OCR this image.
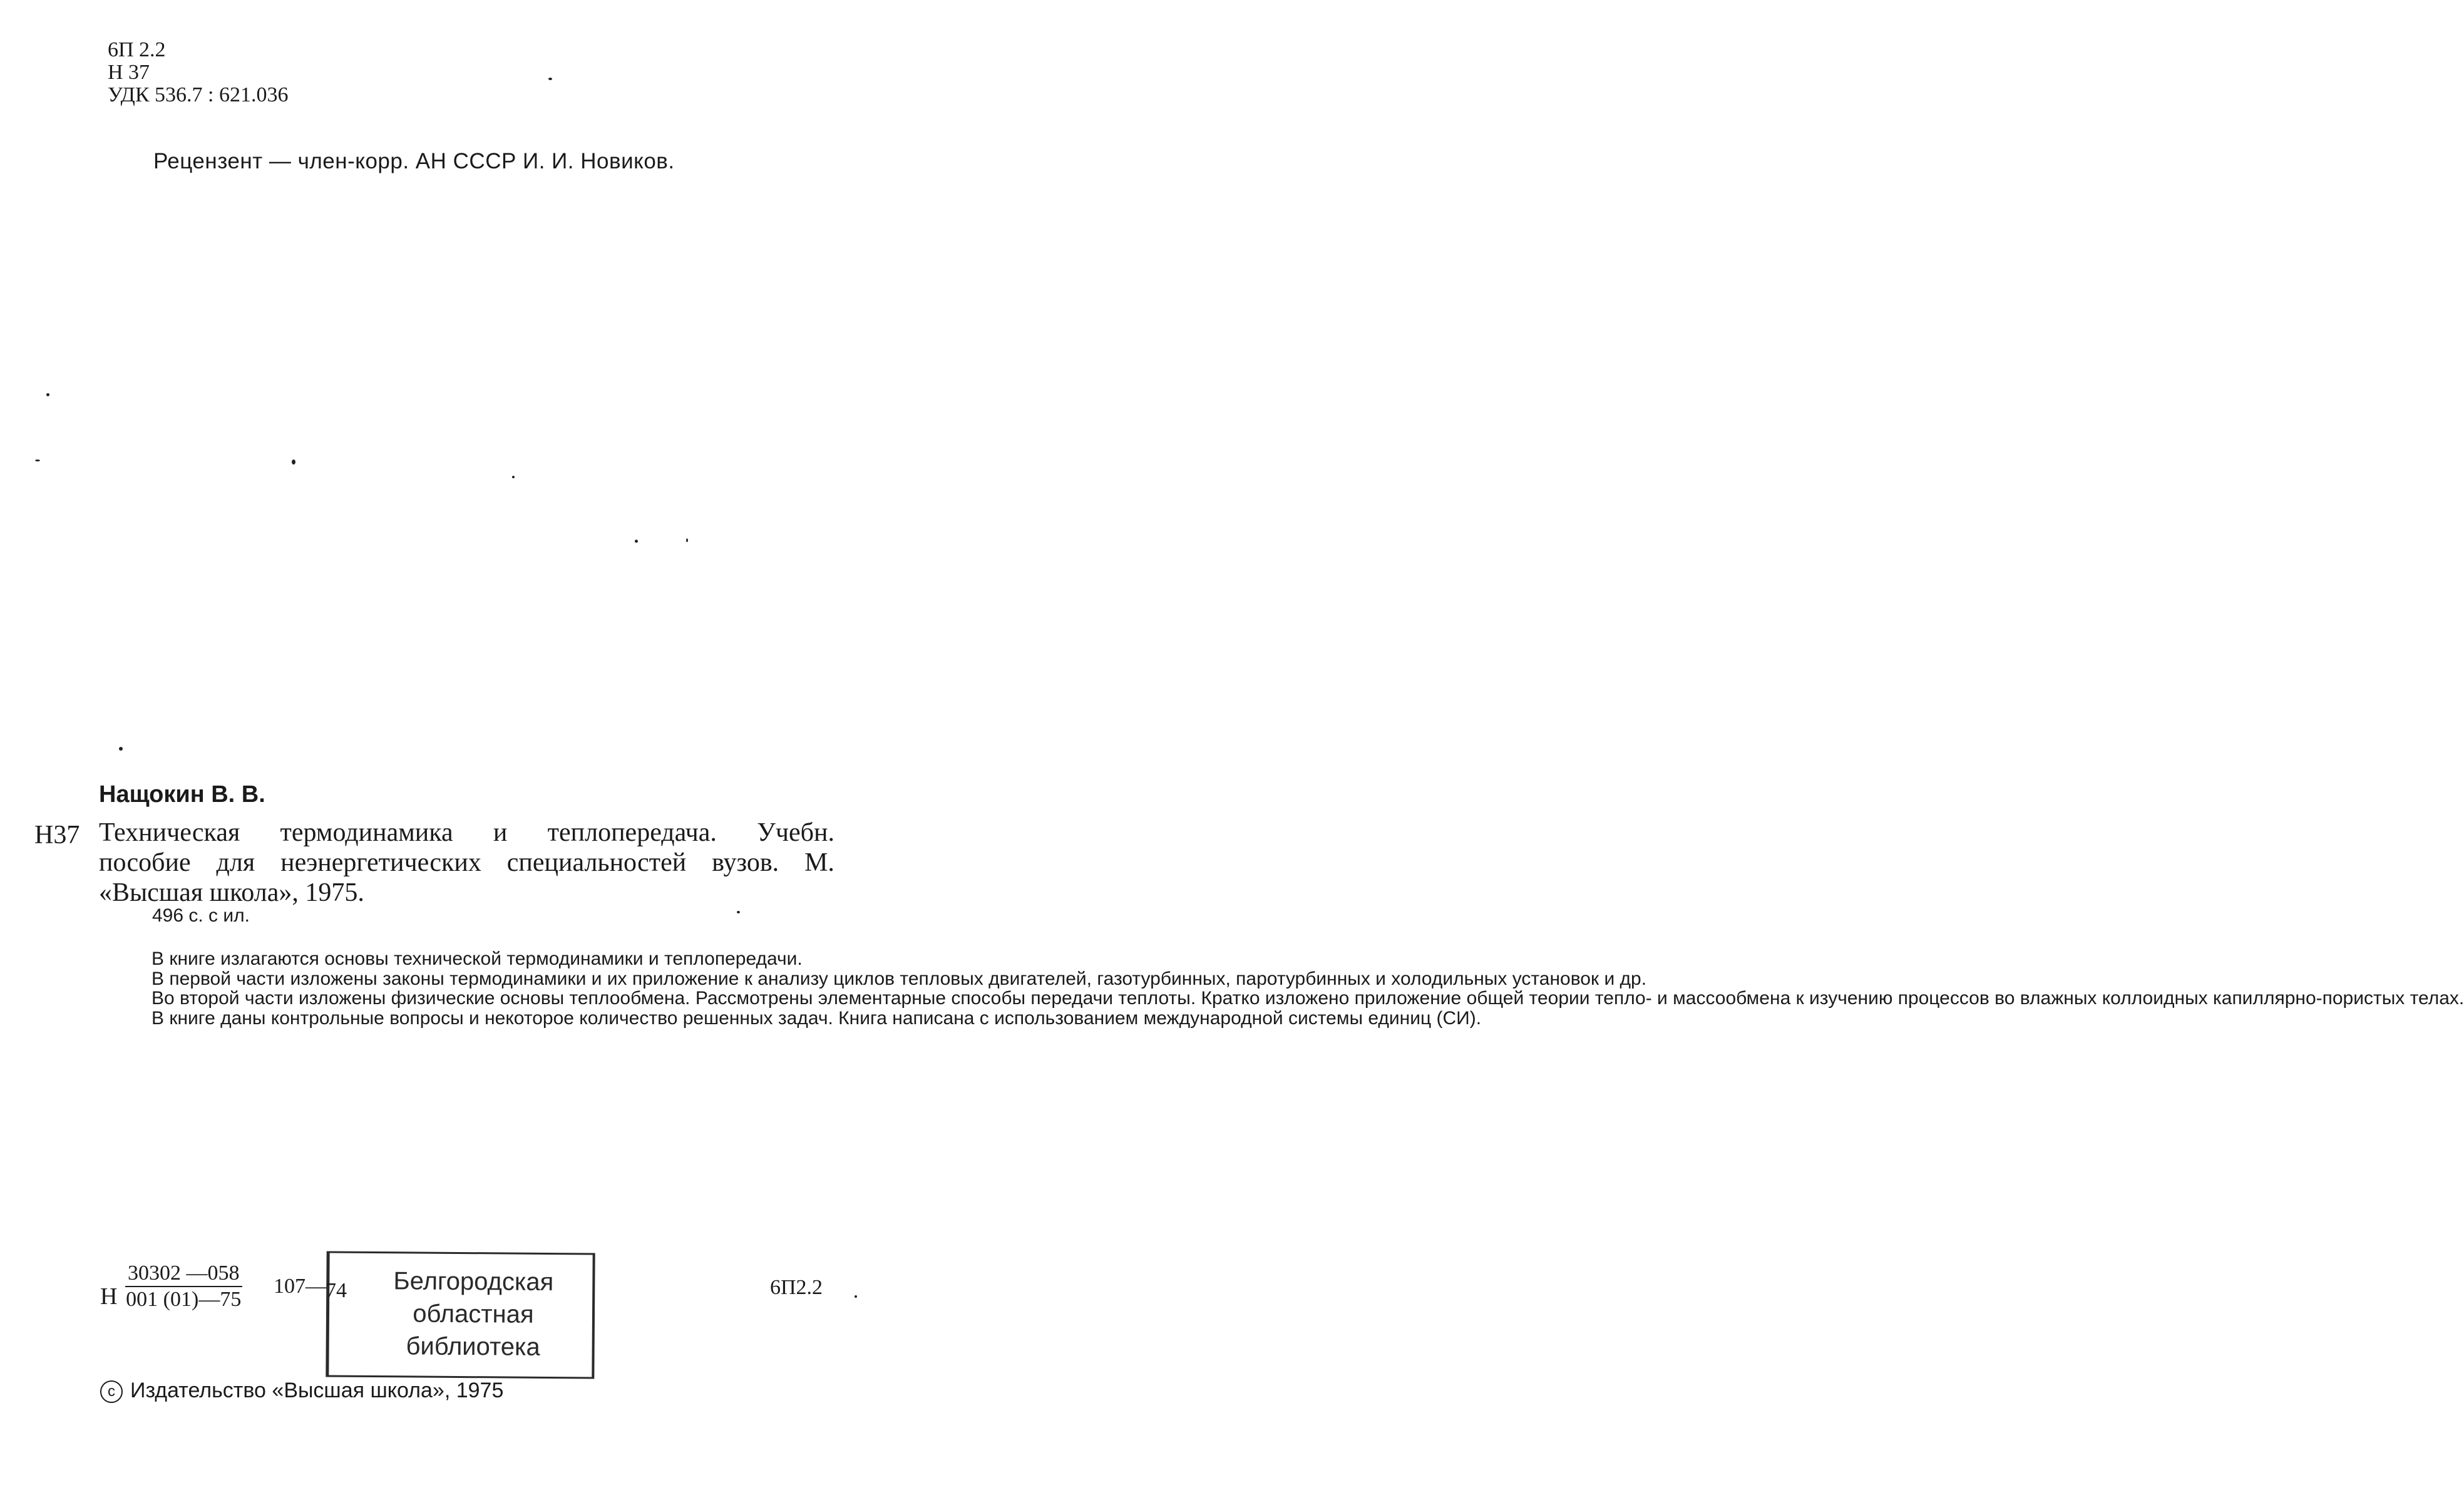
6П 2.2
Н 37
УДК 536.7 : 621.036
Рецензент — член-корр. АН СССР И. И. Новиков.
Нащокин В. В.
Н37 Техническая термодинамика и теплопередача. Учебн.
пособие для неэнергетических специальностей вузов. М.
«Высшая школа», 1975.
496 с. с ил.

В книге излагаются основы технической термодинамики и теплопередачи.

В первой части изложены законы термодинамики и их приложение к анализу циклов тепловых двигателей, газотурбинных, паротурбинных и холодильных установок и др.

Во второй части изложены физические основы теплообмена. Рассмотрены элементарные способы передачи теплоты. Кратко изложено приложение общей теории тепло- и массообмена к изучению процессов во влажных коллоидных капиллярно-пористых телах.

В книге даны контрольные вопросы и некоторое количество решенных задач. Книга написана с использованием международной системы единиц (СИ).

Н $\frac{30302 —058}{001 (01)—75}$ 107—	Белгородская
областная
библиотека
74	6П2.2
c Издательство «Высшая школа», 1975
